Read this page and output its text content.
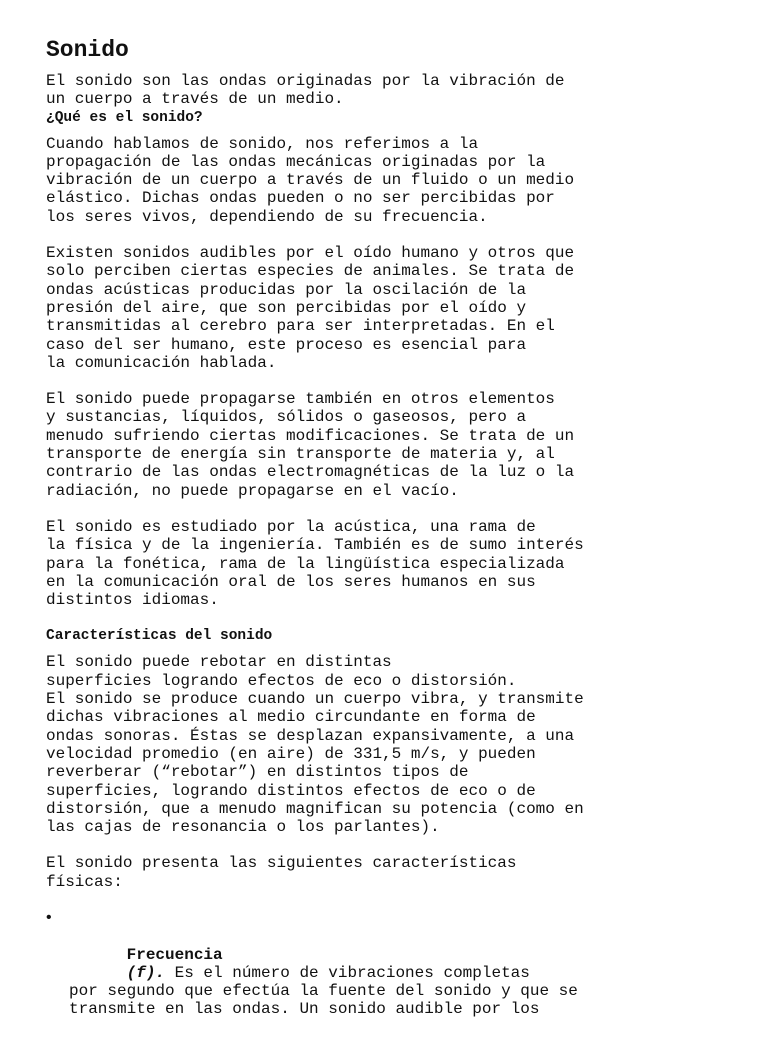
Sonido

El sonido son las ondas originadas por la vibración de
un cuerpo a través de un medio.

¿Qué es el sonido?

Cuando hablamos de sonido, nos referimos a la
propagación de las ondas mecánicas originadas por la
vibración de un cuerpo a través de un fluido o un medio
elástico. Dichas ondas pueden o no ser percibidas por
los seres vivos, dependiendo de su frecuencia.

Existen sonidos audibles por el oído humano y otros que
solo perciben ciertas especies de animales. Se trata de
ondas acústicas producidas por la oscilación de la
presión del aire, que son percibidas por el oído y
transmitidas al cerebro para ser interpretadas. En el
caso del ser humano, este proceso es esencial para
la comunicación hablada.

El sonido puede propagarse también en otros elementos
y sustancias, líquidos, sólidos o gaseosos, pero a
menudo sufriendo ciertas modificaciones. Se trata de un
transporte de energía sin transporte de materia y, al
contrario de las ondas electromagnéticas de la luz o la
radiación, no puede propagarse en el vacío.

El sonido es estudiado por la acústica, una rama de
la física y de la ingeniería. También es de sumo interés
para la fonética, rama de la lingüística especializada
en la comunicación oral de los seres humanos en sus
distintos idiomas.

Características del sonido

El sonido puede rebotar en distintas
superficies logrando efectos de eco o distorsión.
El sonido se produce cuando un cuerpo vibra, y transmite
dichas vibraciones al medio circundante en forma de
ondas sonoras. Éstas se desplazan expansivamente, a una
velocidad promedio (en aire) de 331,5 m/s, y pueden
reverberar (“rebotar”) en distintos tipos de
superficies, logrando distintos efectos de eco o de
distorsión, que a menudo magnifican su potencia (como en
las cajas de resonancia o los parlantes).

El sonido presenta las siguientes características
físicas:

•

Frecuencia
(f). Es el número de vibraciones completas
por segundo que efectúa la fuente del sonido y que se
transmite en las ondas. Un sonido audible por los
